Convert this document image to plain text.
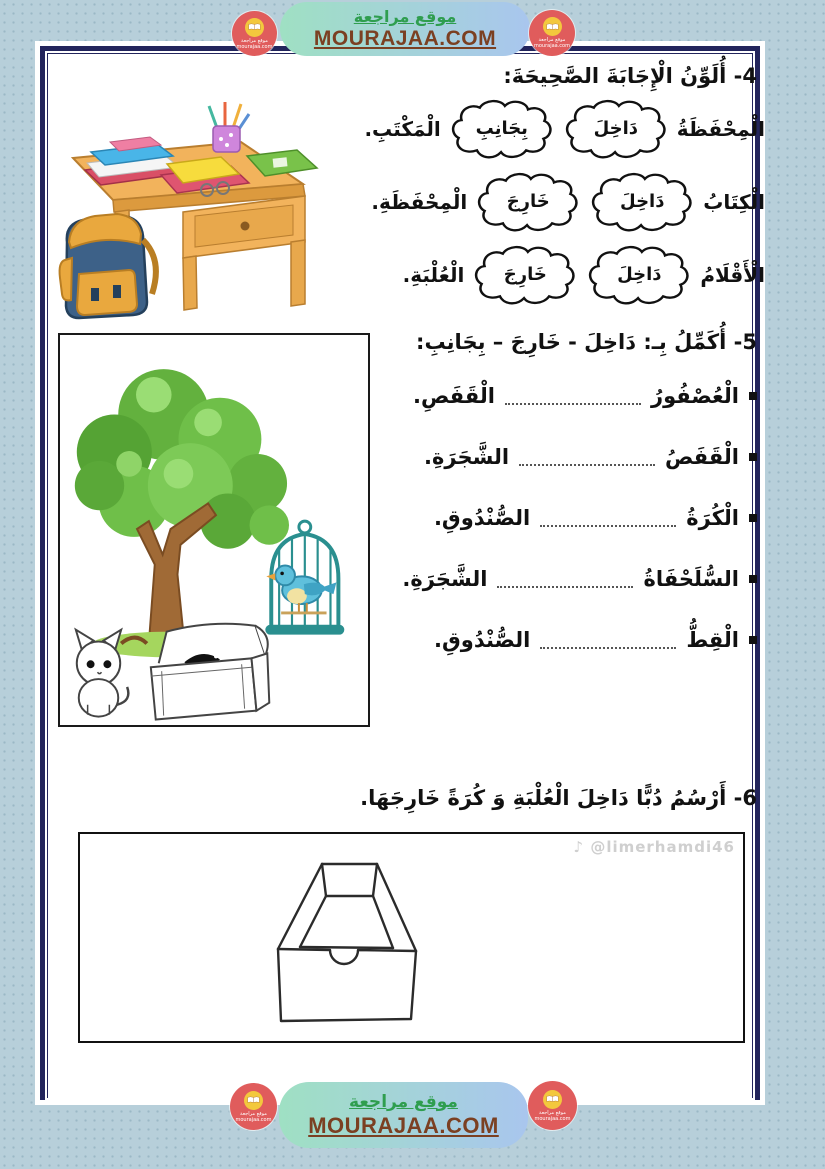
موقع مراجعة
MOURAJAA.COM
موقع مراجعة
mourajaa.com
موقع مراجعة
mourajaa.com
4- أُلَوِّنُ الْإِجَابَةَ الصَّحِيحَةَ:
الْمِحْفَظَةُ
دَاخِلَ
بِجَانِبِ
الْمَكْتَبِ.
الْكِتَابُ
دَاخِلَ
خَارِجَ
الْمِحْفَظَةِ.
الْأَقْلَامُ
دَاخِلَ
خَارِجَ
الْعُلْبَةِ.
5- أُكَمِّلُ بِـ: دَاخِلَ - خَارِجَ – بِجَانِبِ:
الْعُصْفُورُ
الْقَفَصِ.
الْقَفَصُ
الشَّجَرَةِ.
الْكُرَةُ
الصُّنْدُوقِ.
السُّلَحْفَاةُ
الشَّجَرَةِ.
الْقِطُّ
الصُّنْدُوقِ.
6- أَرْسُمُ دُبًّا دَاخِلَ الْعُلْبَةِ وَ كُرَةً خَارِجَهَا.
♪ @limerhamdi46
موقع مراجعة
MOURAJAA.COM
موقع مراجعة
mourajaa.com
موقع مراجعة
mourajaa.com
